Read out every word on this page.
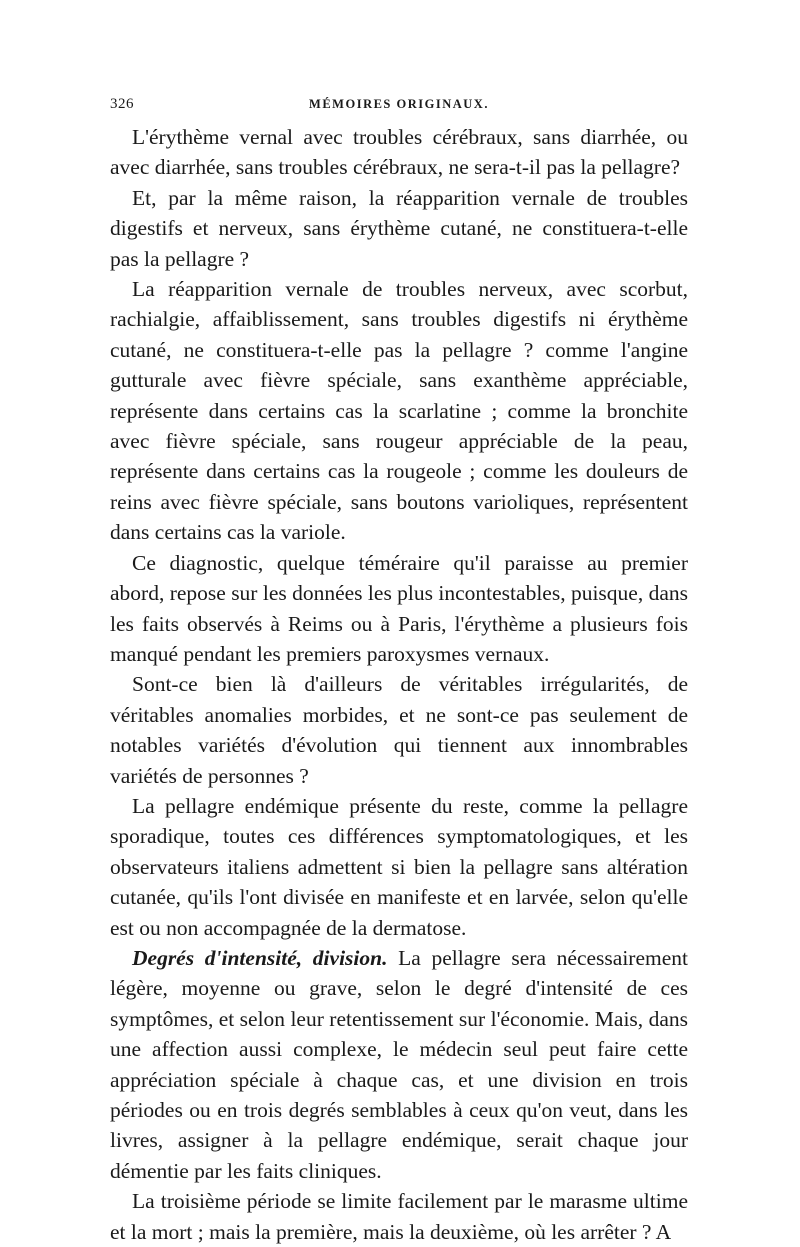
326	MÉMOIRES ORIGINAUX.

L'érythème vernal avec troubles cérébraux, sans diarrhée, ou avec diarrhée, sans troubles cérébraux, ne sera-t-il pas la pellagre?

Et, par la même raison, la réapparition vernale de troubles digestifs et nerveux, sans érythème cutané, ne constituera-t-elle pas la pellagre ?

La réapparition vernale de troubles nerveux, avec scorbut, rachialgie, affaiblissement, sans troubles digestifs ni érythème cutané, ne constituera-t-elle pas la pellagre ? comme l'angine gutturale avec fièvre spéciale, sans exanthème appréciable, représente dans certains cas la scarlatine ; comme la bronchite avec fièvre spéciale, sans rougeur appréciable de la peau, représente dans certains cas la rougeole ; comme les douleurs de reins avec fièvre spéciale, sans boutons varioliques, représentent dans certains cas la variole.

Ce diagnostic, quelque téméraire qu'il paraisse au premier abord, repose sur les données les plus incontestables, puisque, dans les faits observés à Reims ou à Paris, l'érythème a plusieurs fois manqué pendant les premiers paroxysmes vernaux.

Sont-ce bien là d'ailleurs de véritables irrégularités, de véritables anomalies morbides, et ne sont-ce pas seulement de notables variétés d'évolution qui tiennent aux innombrables variétés de personnes ?

La pellagre endémique présente du reste, comme la pellagre sporadique, toutes ces différences symptomatologiques, et les observateurs italiens admettent si bien la pellagre sans altération cutanée, qu'ils l'ont divisée en manifeste et en larvée, selon qu'elle est ou non accompagnée de la dermatose.

Degrés d'intensité, division. La pellagre sera nécessairement légère, moyenne ou grave, selon le degré d'intensité de ces symptômes, et selon leur retentissement sur l'économie. Mais, dans une affection aussi complexe, le médecin seul peut faire cette appréciation spéciale à chaque cas, et une division en trois périodes ou en trois degrés semblables à ceux qu'on veut, dans les livres, assigner à la pellagre endémique, serait chaque jour démentie par les faits cliniques.

La troisième période se limite facilement par le marasme ultime et la mort ; mais la première, mais la deuxième, où les arrêter ? A
